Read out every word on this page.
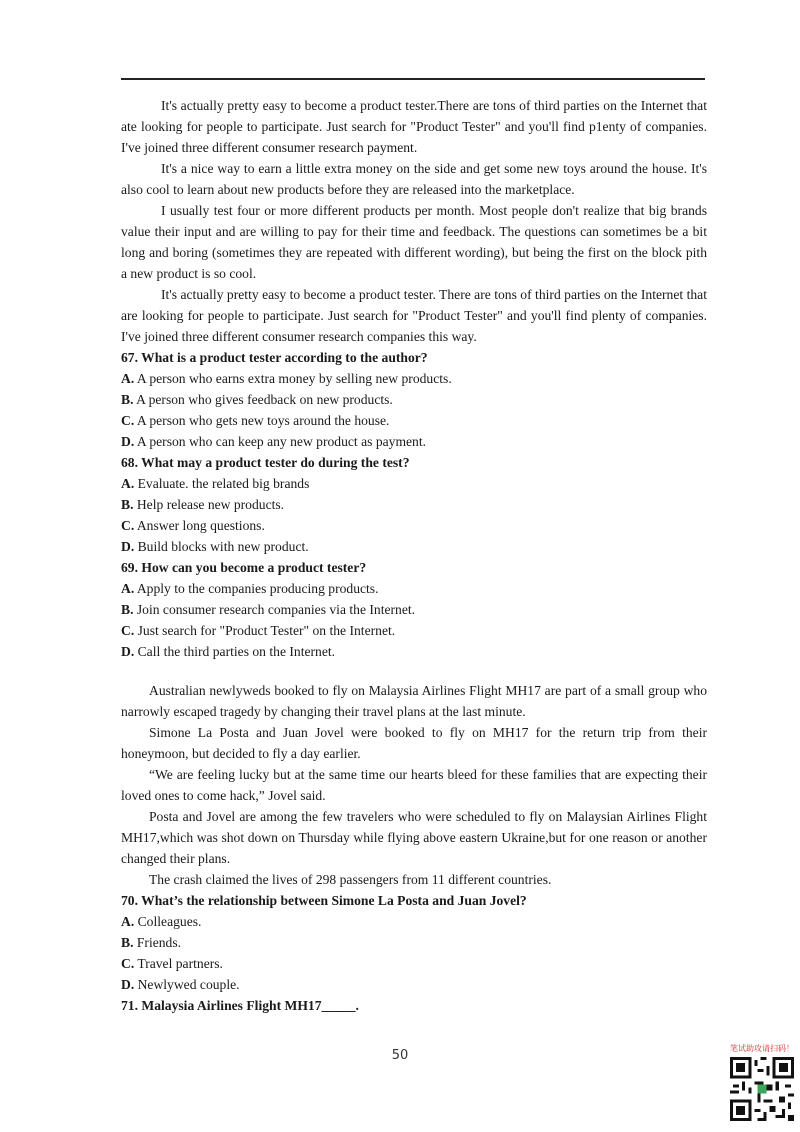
It's actually pretty easy to become a product tester.There are tons of third parties on the Internet that ate looking for people to participate. Just search for "Product Tester" and you'll find p1enty of companies. I've joined three different consumer research payment.

It's a nice way to earn a little extra money on the side and get some new toys around the house. It's also cool to learn about new products before they are released into the marketplace.

I usually test four or more different products per month. Most people don't realize that big brands value their input and are willing to pay for their time and feedback. The questions can sometimes be a bit long and boring (sometimes they are repeated with different wording), but being the first on the block pith a new product is so cool.

It's actually pretty easy to become a product tester. There are tons of third parties on the Internet that are looking for people to participate. Just search for "Product Tester" and you'll find plenty of companies. I've joined three different consumer research companies this way.

67. What is a product tester according to the author?

A. A person who earns extra money by selling new products.

B. A person who gives feedback on new products.

C. A person who gets new toys around the house.

D. A person who can keep any new product as payment.

68. What may a product tester do during the test?

A. Evaluate. the related big brands

B. Help release new products.

C. Answer long questions.

D. Build blocks with new product.

69. How can you become a product tester?

A. Apply to the companies producing products.

B. Join consumer research companies via the Internet.

C. Just search for "Product Tester" on the Internet.

D. Call the third parties on the Internet.

Australian newlyweds booked to fly on Malaysia Airlines Flight MH17 are part of a small group who narrowly escaped tragedy by changing their travel plans at the last minute.

Simone La Posta and Juan Jovel were booked to fly on MH17 for the return trip from their honeymoon, but decided to fly a day earlier.

“We are feeling lucky but at the same time our hearts bleed for these families that are expecting their loved ones to come hack,” Jovel said.

Posta and Jovel are among the few travelers who were scheduled to fly on Malaysian Airlines Flight MH17,which was shot down on Thursday while flying above eastern Ukraine,but for one reason or another changed their plans.

The crash claimed the lives of 298 passengers from 11 different countries.

70. What’s the relationship between Simone La Posta and Juan Jovel?

A. Colleagues.

B. Friends.

C. Travel partners.

D. Newlywed couple.

71. Malaysia Airlines Flight MH17_____.

50	笔试助攻请扫码！
